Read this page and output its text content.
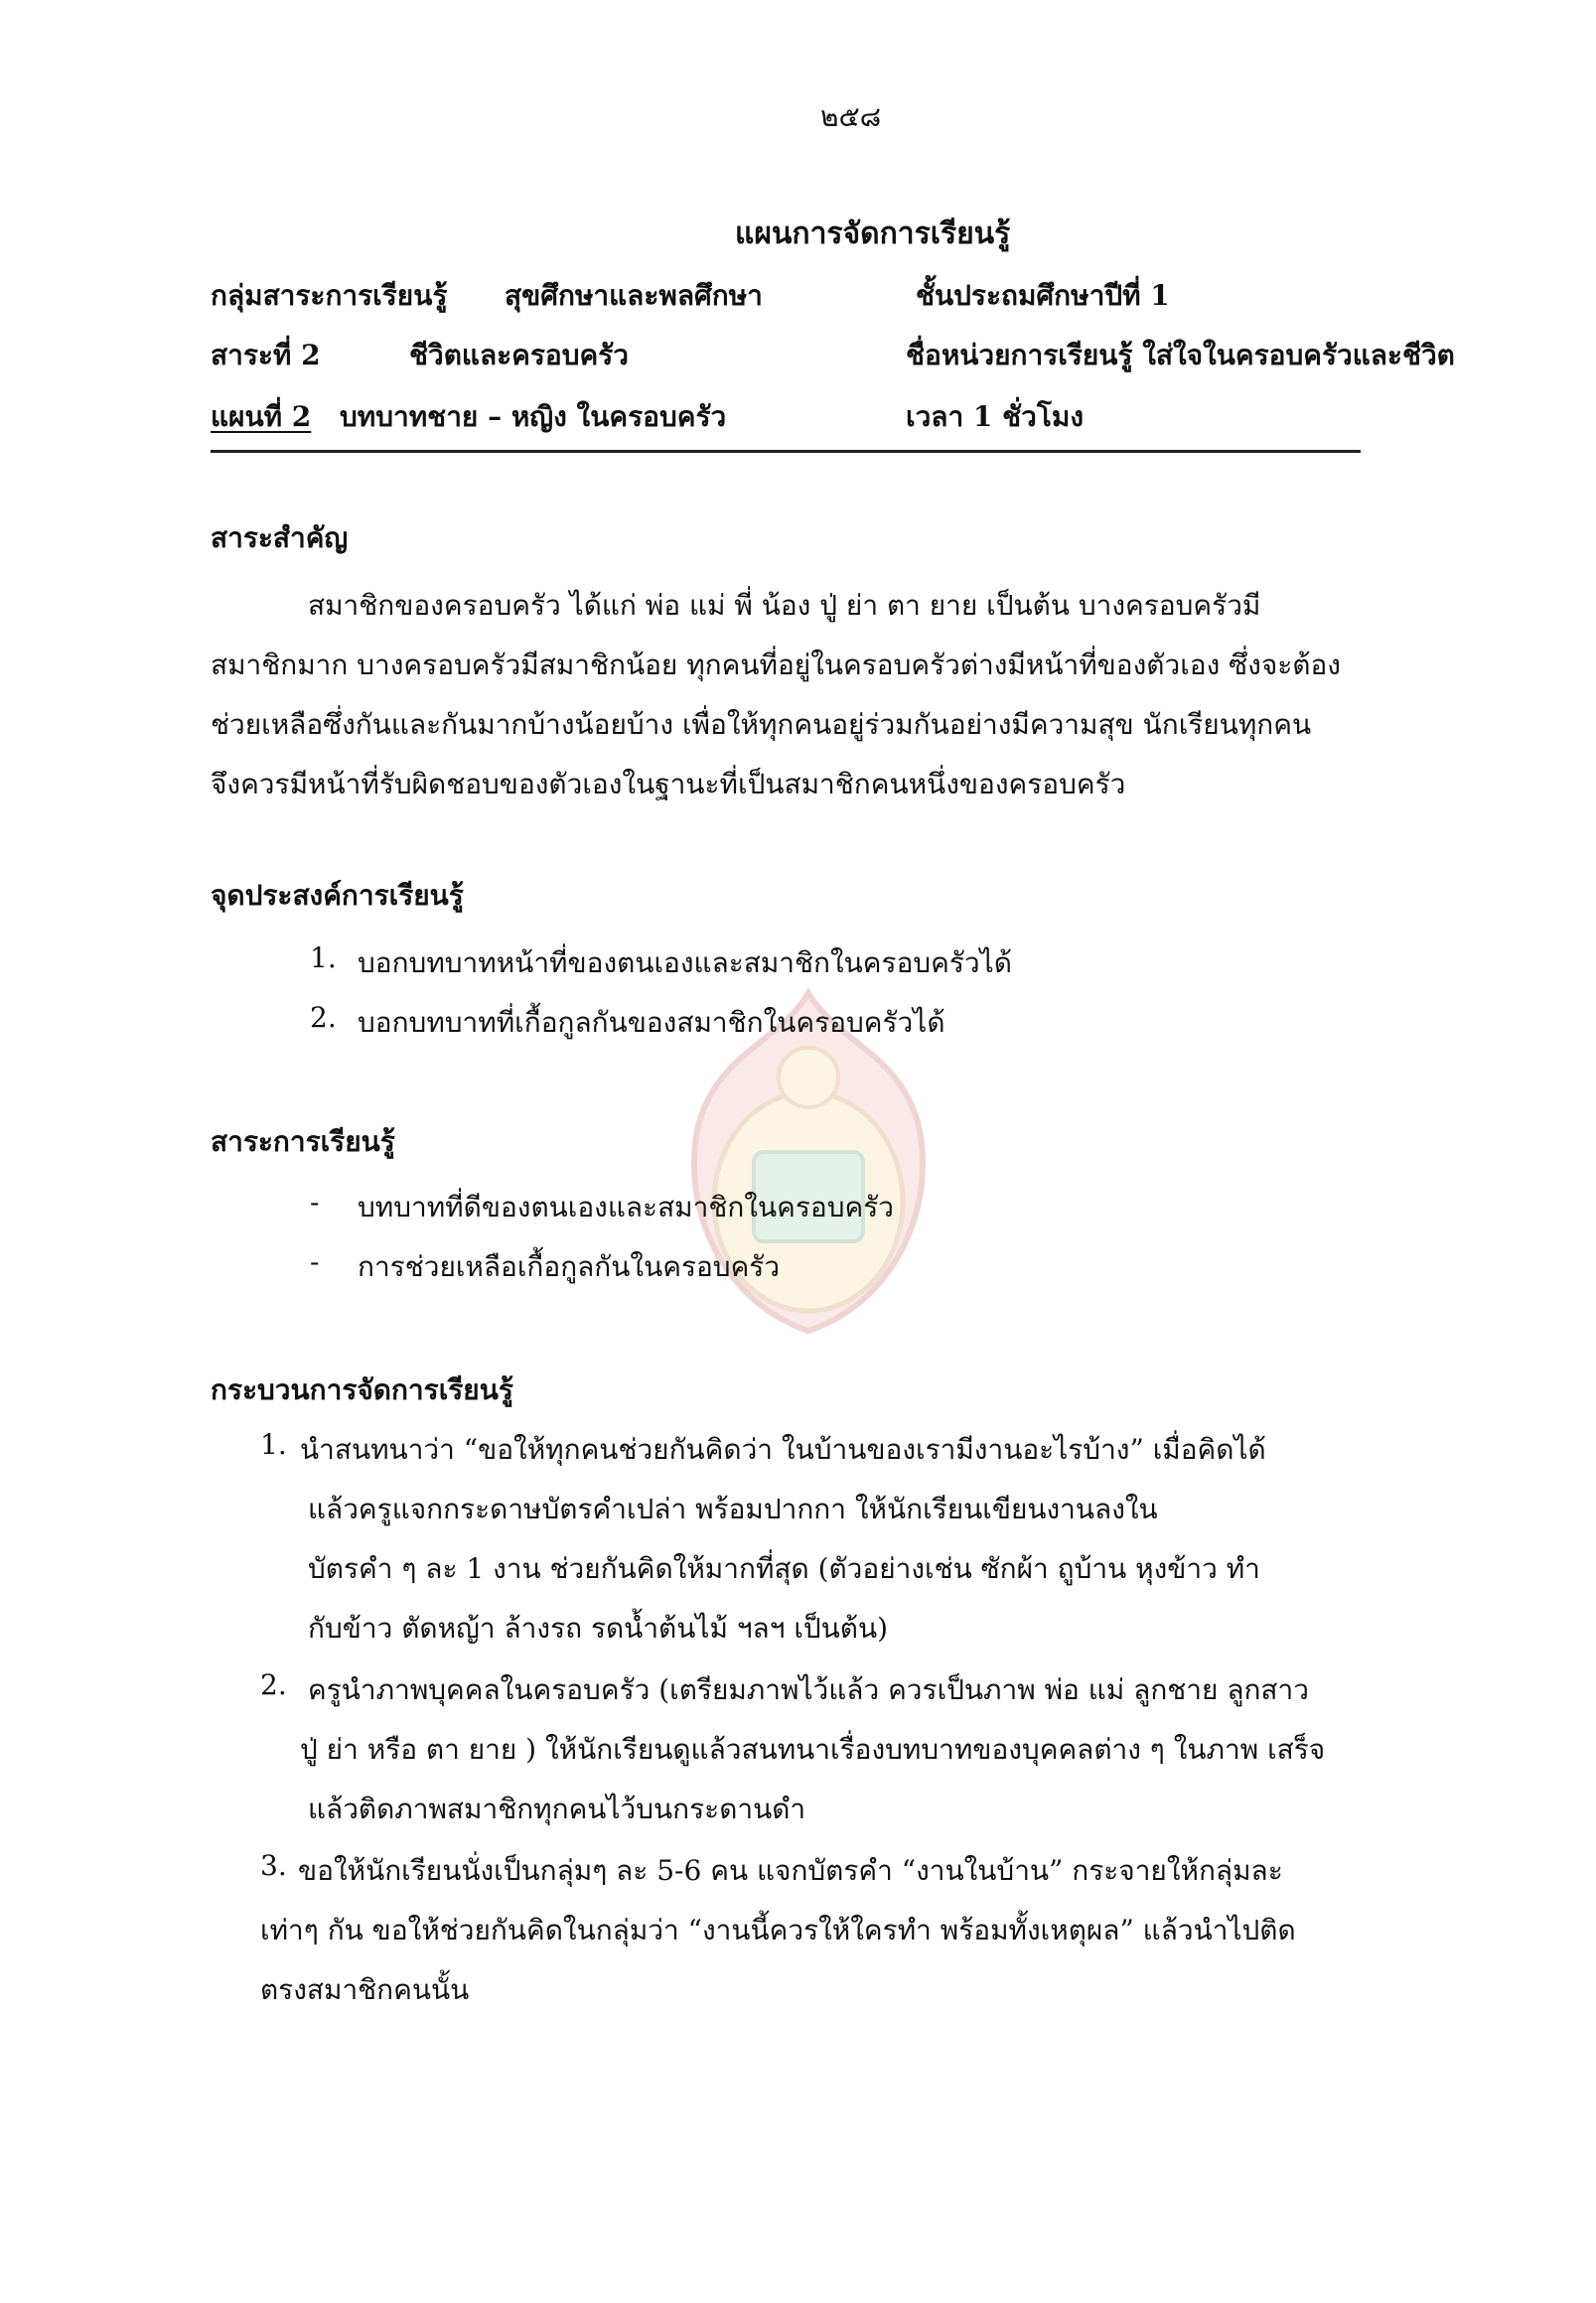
๒๕๘
แผนการจัดการเรียนรู้
กลุ่มสาระการเรียนรู้ สุขศึกษาและพลศึกษา	ชั้นประถมศึกษาปีที่ 1
สาระที่ 2	ชีวิตและครอบครัว	ชื่อหน่วยการเรียนรู้ ใส่ใจในครอบครัวและชีวิต
แผนที่ 2 บทบาทชาย – หญิง ในครอบครัว	เวลา 1 ชั่วโมง
สาระสำคัญ
สมาชิกของครอบครัว ได้แก่ พ่อ แม่ พี่ น้อง ปู่ ย่า ตา ยาย เป็นต้น บางครอบครัวมี
สมาชิกมาก บางครอบครัวมีสมาชิกน้อย ทุกคนที่อยู่ในครอบครัวต่างมีหน้าที่ของตัวเอง ซึ่งจะต้อง
ช่วยเหลือซึ่งกันและกันมากบ้างน้อยบ้าง เพื่อให้ทุกคนอยู่ร่วมกันอย่างมีความสุข นักเรียนทุกคน
จึงควรมีหน้าที่รับผิดชอบของตัวเองในฐานะที่เป็นสมาชิกคนหนึ่งของครอบครัว
จุดประสงค์การเรียนรู้
1. บอกบทบาทหน้าที่ของตนเองและสมาชิกในครอบครัวได้
2. บอกบทบาทที่เกื้อกูลกันของสมาชิกในครอบครัวได้
สาระการเรียนรู้
- บทบาทที่ดีของตนเองและสมาชิกในครอบครัว
- การช่วยเหลือเกื้อกูลกันในครอบครัว
กระบวนการจัดการเรียนรู้
1. นำสนทนาว่า “ขอให้ทุกคนช่วยกันคิดว่า ในบ้านของเรามีงานอะไรบ้าง” เมื่อคิดได้
แล้วครูแจกกระดาษบัตรคำเปล่า พร้อมปากกา ให้นักเรียนเขียนงานลงใน
บัตรคำ ๆ ละ 1 งาน ช่วยกันคิดให้มากที่สุด (ตัวอย่างเช่น ซักผ้า ถูบ้าน หุงข้าว ทำ
กับข้าว ตัดหญ้า ล้างรถ รดน้ำต้นไม้ ฯลฯ เป็นต้น)
2. ครูนำภาพบุคคลในครอบครัว (เตรียมภาพไว้แล้ว ควรเป็นภาพ พ่อ แม่ ลูกชาย ลูกสาว
ปู่ ย่า หรือ ตา ยาย ) ให้นักเรียนดูแล้วสนทนาเรื่องบทบาทของบุคคลต่าง ๆ ในภาพ เสร็จ
แล้วติดภาพสมาชิกทุกคนไว้บนกระดานดำ
3. ขอให้นักเรียนนั่งเป็นกลุ่มๆ ละ 5-6 คน แจกบัตรคำ “งานในบ้าน” กระจายให้กลุ่มละ
เท่าๆ กัน ขอให้ช่วยกันคิดในกลุ่มว่า “งานนี้ควรให้ใครทำ พร้อมทั้งเหตุผล” แล้วนำไปติด
ตรงสมาชิกคนนั้น
